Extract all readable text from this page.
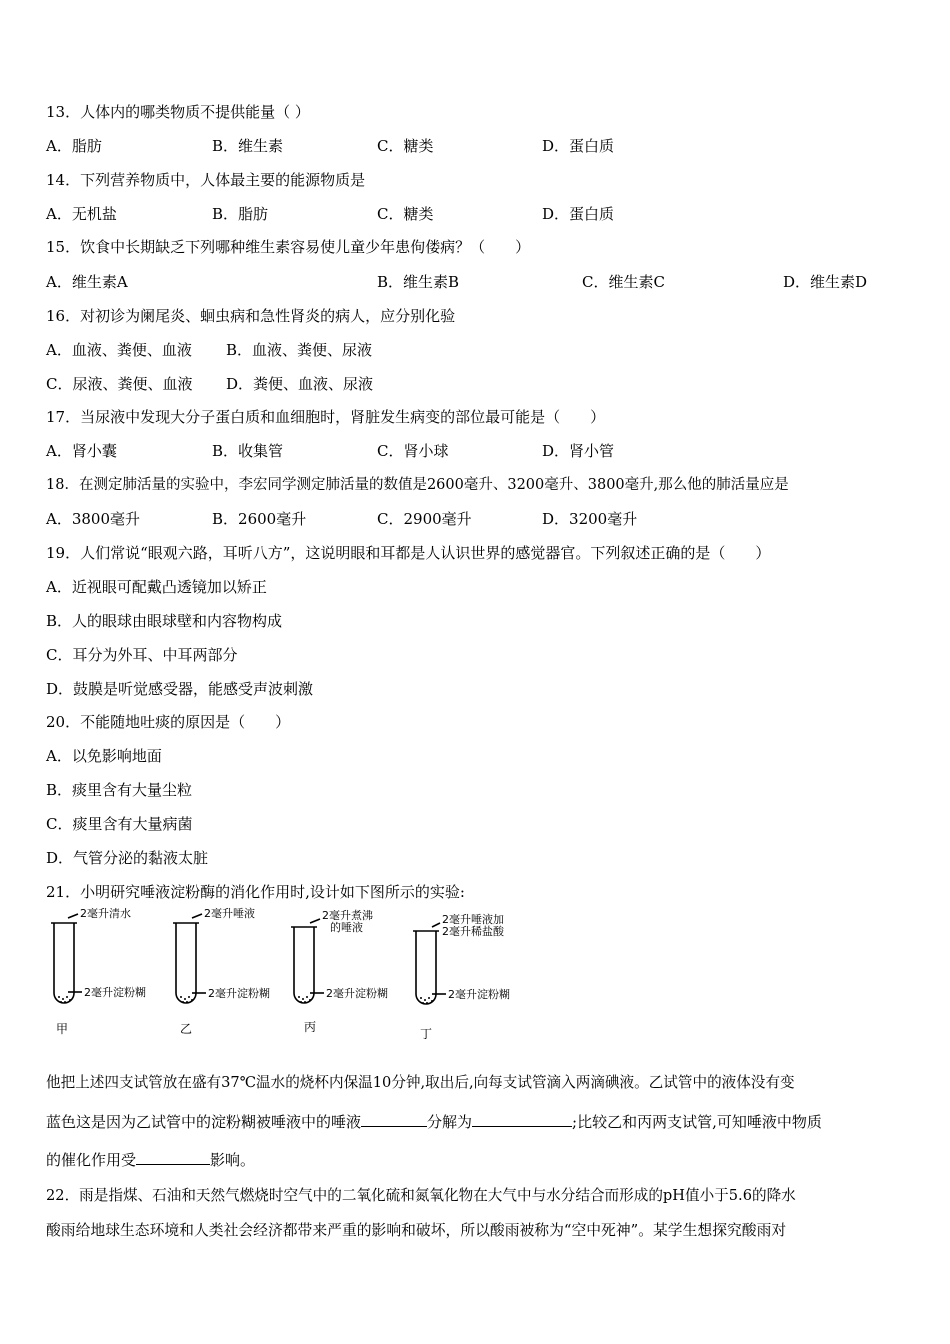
13．人体内的哪类物质不提供能量（ ）
A．脂肪	B．维生素	C．糖类	D．蛋白质
14．下列营养物质中，人体最主要的能源物质是
A．无机盐	B．脂肪	C．糖类	D．蛋白质
15．饮食中长期缺乏下列哪种维生素容易使儿童少年患佝偻病？（　　）
A．维生素A	B．维生素B	C．维生素C	D．维生素D
16．对初诊为阑尾炎、蛔虫病和急性肾炎的病人，应分别化验
A．血液、粪便、血液 B．血液、粪便、尿液
C．尿液、粪便、血液 D．粪便、血液、尿液
17．当尿液中发现大分子蛋白质和血细胞时，肾脏发生病变的部位最可能是（　　）
A．肾小囊	B．收集管	C．肾小球	D．肾小管
18．在测定肺活量的实验中，李宏同学测定肺活量的数值是2600毫升、3200毫升、3800毫升,那么他的肺活量应是
A．3800毫升	B．2600毫升	C．2900毫升	D．3200毫升
19．人们常说“眼观六路，耳听八方”，这说明眼和耳都是人认识世界的感觉器官。下列叙述正确的是（　　）
A．近视眼可配戴凸透镜加以矫正
B．人的眼球由眼球壁和内容物构成
C．耳分为外耳、中耳两部分
D．鼓膜是听觉感受器，能感受声波刺激
20．不能随地吐痰的原因是（　　）
A．以免影响地面
B．痰里含有大量尘粒
C．痰里含有大量病菌
D．气管分泌的黏液太脏
21．小明研究唾液淀粉酶的消化作用时,设计如下图所示的实验:
2毫升清水
2毫升淀粉糊
甲
2毫升唾液
2毫升淀粉糊
乙
2毫升煮沸
的唾液
2毫升淀粉糊
丙
2毫升唾液加
2毫升稀盐酸
2毫升淀粉糊
丁
他把上述四支试管放在盛有37℃温水的烧杯内保温10分钟,取出后,向每支试管滴入两滴碘液。乙试管中的液体没有变
蓝色这是因为乙试管中的淀粉糊被唾液中的唾液	分解为	;比较乙和丙两支试管,可知唾液中物质
的催化作用受	影响。
22．雨是指煤、石油和天然气燃烧时空气中的二氧化硫和氮氧化物在大气中与水分结合而形成的pH值小于5.6的降水
酸雨给地球生态环境和人类社会经济都带来严重的影响和破坏，所以酸雨被称为“空中死神”。某学生想探究酸雨对
